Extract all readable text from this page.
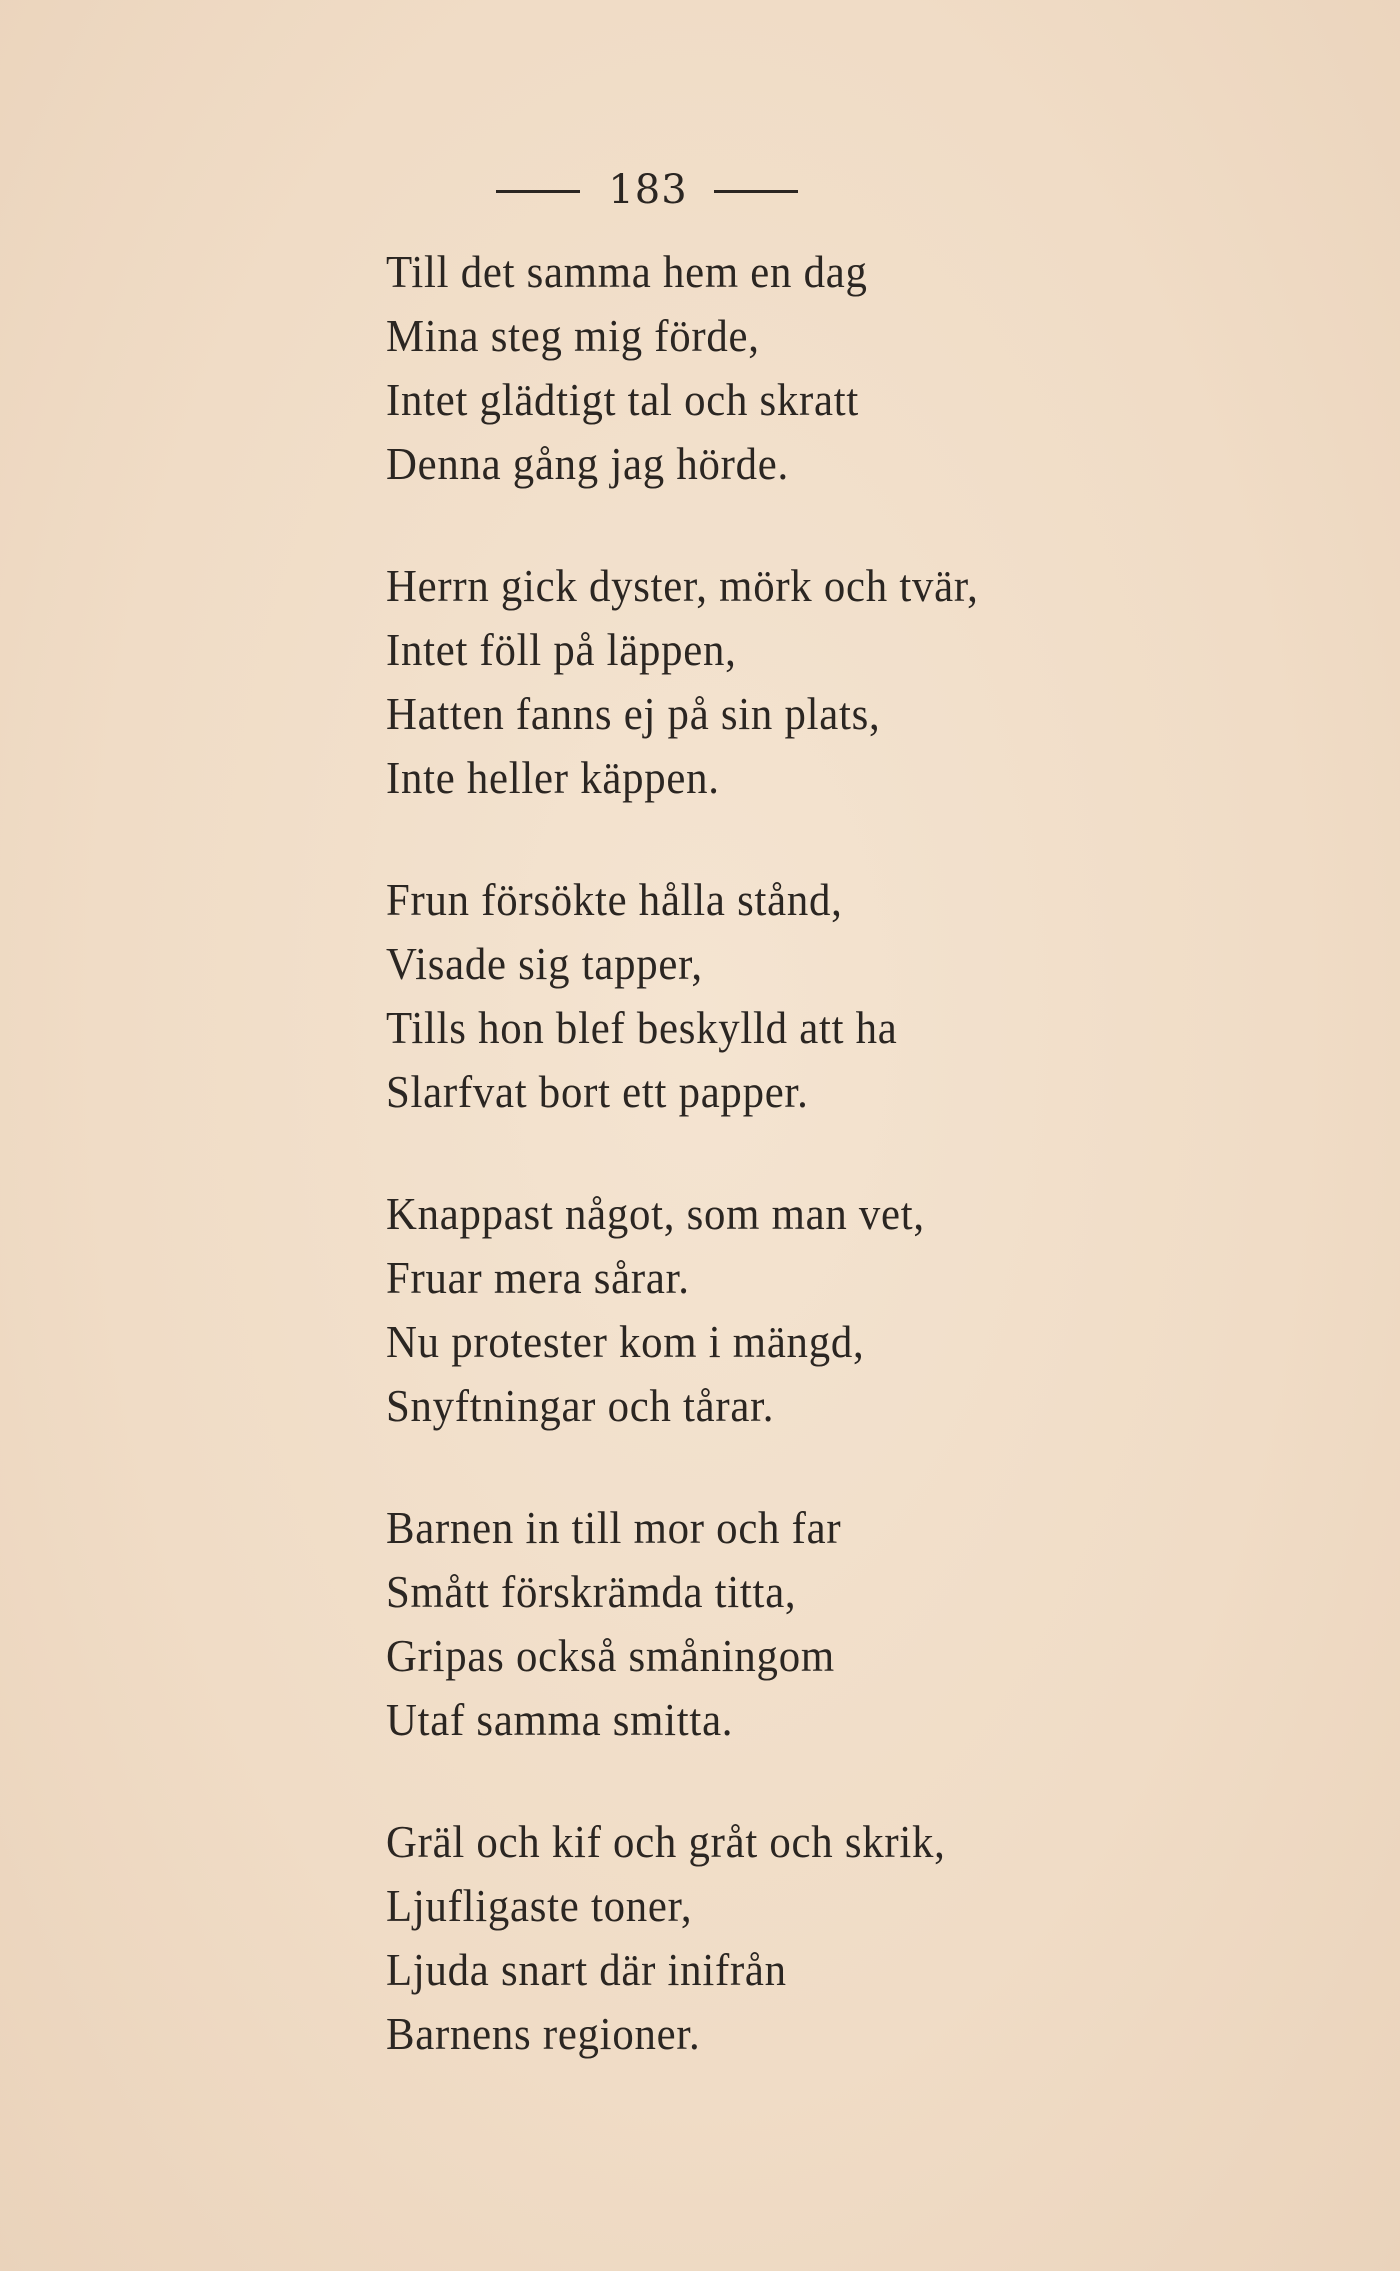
183
Till det samma hem en dag
Mina steg mig förde,
Intet glädtigt tal och skratt
Denna gång jag hörde.
Herrn gick dyster, mörk och tvär,
Intet föll på läppen,
Hatten fanns ej på sin plats,
Inte heller käppen.
Frun försökte hålla stånd,
Visade sig tapper,
Tills hon blef beskylld att ha
Slarfvat bort ett papper.
Knappast något, som man vet,
Fruar mera sårar.
Nu protester kom i mängd,
Snyftningar och tårar.
Barnen in till mor och far
Smått förskrämda titta,
Gripas också småningom
Utaf samma smitta.
Gräl och kif och gråt och skrik,
Ljufligaste toner,
Ljuda snart där inifrån
Barnens regioner.
